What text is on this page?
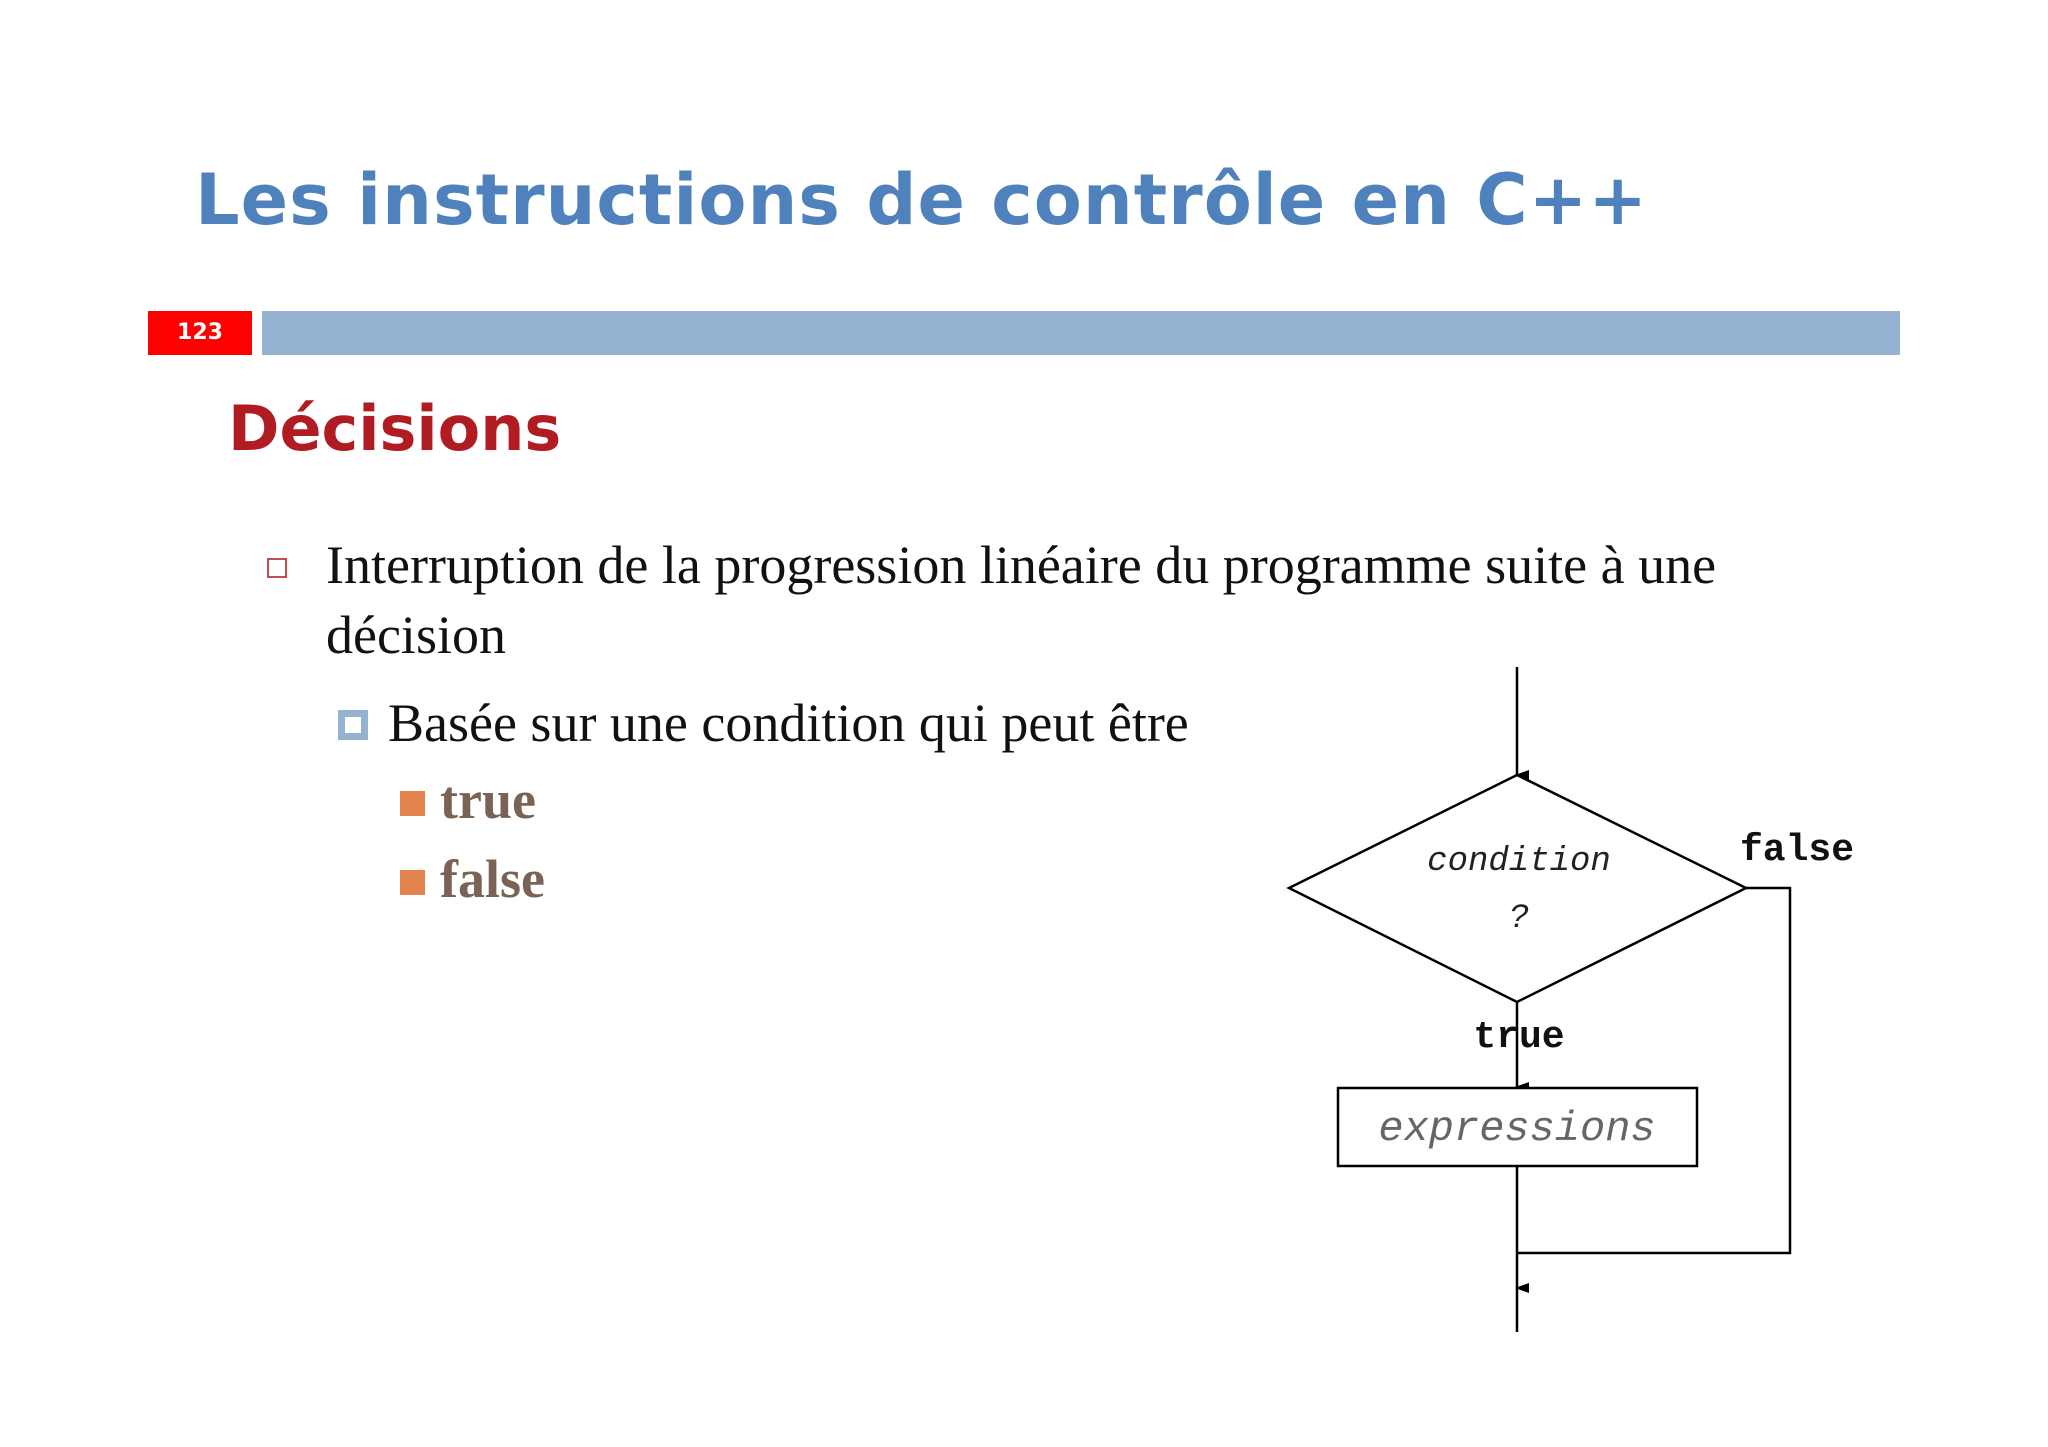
Les instructions de contrôle en C++
123
Décisions
Interruption de la progression linéaire du programme suite à une décision
Basée sur une condition qui peut être
true
false	condition
?
true
expressions
false
